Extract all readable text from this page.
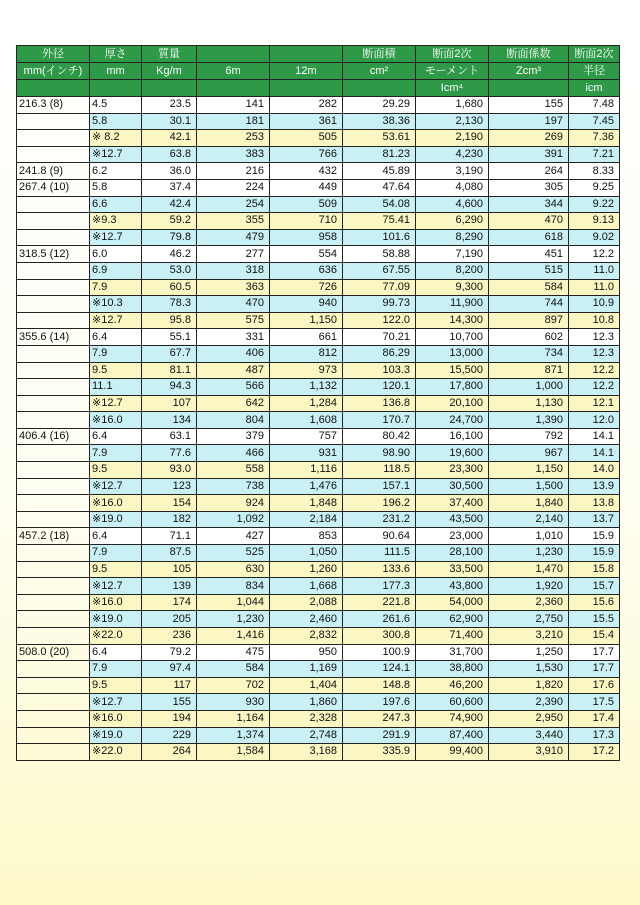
外径	厚さ	質量			断面積	断面2次	断面係数	断面2次
mm(インチ)	mm	Kg/m	6m	12m	cm²	モーメント	Zcm³	半径
						Icm⁴		icm
216.3 (8)	4.5	23.5	141	282	29.29	1,680	155	7.48
	5.8	30.1	181	361	38.36	2,130	197	7.45
	※ 8.2	42.1	253	505	53.61	2,190	269	7.36
	※12.7	63.8	383	766	81.23	4,230	391	7.21
241.8 (9)	6.2	36.0	216	432	45.89	3,190	264	8.33
267.4 (10)	5.8	37.4	224	449	47.64	4,080	305	9.25
	6.6	42.4	254	509	54.08	4,600	344	9.22
	※9.3	59.2	355	710	75.41	6,290	470	9.13
	※12.7	79.8	479	958	101.6	8,290	618	9.02
318.5 (12)	6.0	46.2	277	554	58.88	7,190	451	12.2
	6.9	53.0	318	636	67.55	8,200	515	11.0
	7.9	60.5	363	726	77.09	9,300	584	11.0
	※10.3	78.3	470	940	99.73	11,900	744	10.9
	※12.7	95.8	575	1,150	122.0	14,300	897	10.8
355.6 (14)	6.4	55.1	331	661	70.21	10,700	602	12.3
	7.9	67.7	406	812	86.29	13,000	734	12.3
	9.5	81.1	487	973	103.3	15,500	871	12.2
	11.1	94.3	566	1,132	120.1	17,800	1,000	12.2
	※12.7	107	642	1,284	136.8	20,100	1,130	12.1
	※16.0	134	804	1,608	170.7	24,700	1,390	12.0
406.4 (16)	6.4	63.1	379	757	80.42	16,100	792	14.1
	7.9	77.6	466	931	98.90	19,600	967	14.1
	9.5	93.0	558	1,116	118.5	23,300	1,150	14.0
	※12.7	123	738	1,476	157.1	30,500	1,500	13.9
	※16.0	154	924	1,848	196.2	37,400	1,840	13.8
	※19.0	182	1,092	2,184	231.2	43,500	2,140	13.7
457.2 (18)	6.4	71.1	427	853	90.64	23,000	1,010	15.9
	7.9	87.5	525	1,050	111.5	28,100	1,230	15.9
	9.5	105	630	1,260	133.6	33,500	1,470	15.8
	※12.7	139	834	1,668	177.3	43,800	1,920	15.7
	※16.0	174	1,044	2,088	221.8	54,000	2,360	15.6
	※19.0	205	1,230	2,460	261.6	62,900	2,750	15.5
	※22.0	236	1,416	2,832	300.8	71,400	3,210	15.4
508.0 (20)	6.4	79.2	475	950	100.9	31,700	1,250	17.7
	7.9	97.4	584	1,169	124.1	38,800	1,530	17.7
	9.5	117	702	1,404	148.8	46,200	1,820	17.6
	※12.7	155	930	1,860	197.6	60,600	2,390	17.5
	※16.0	194	1,164	2,328	247.3	74,900	2,950	17.4
	※19.0	229	1,374	2,748	291.9	87,400	3,440	17.3
	※22.0	264	1,584	3,168	335.9	99,400	3,910	17.2
